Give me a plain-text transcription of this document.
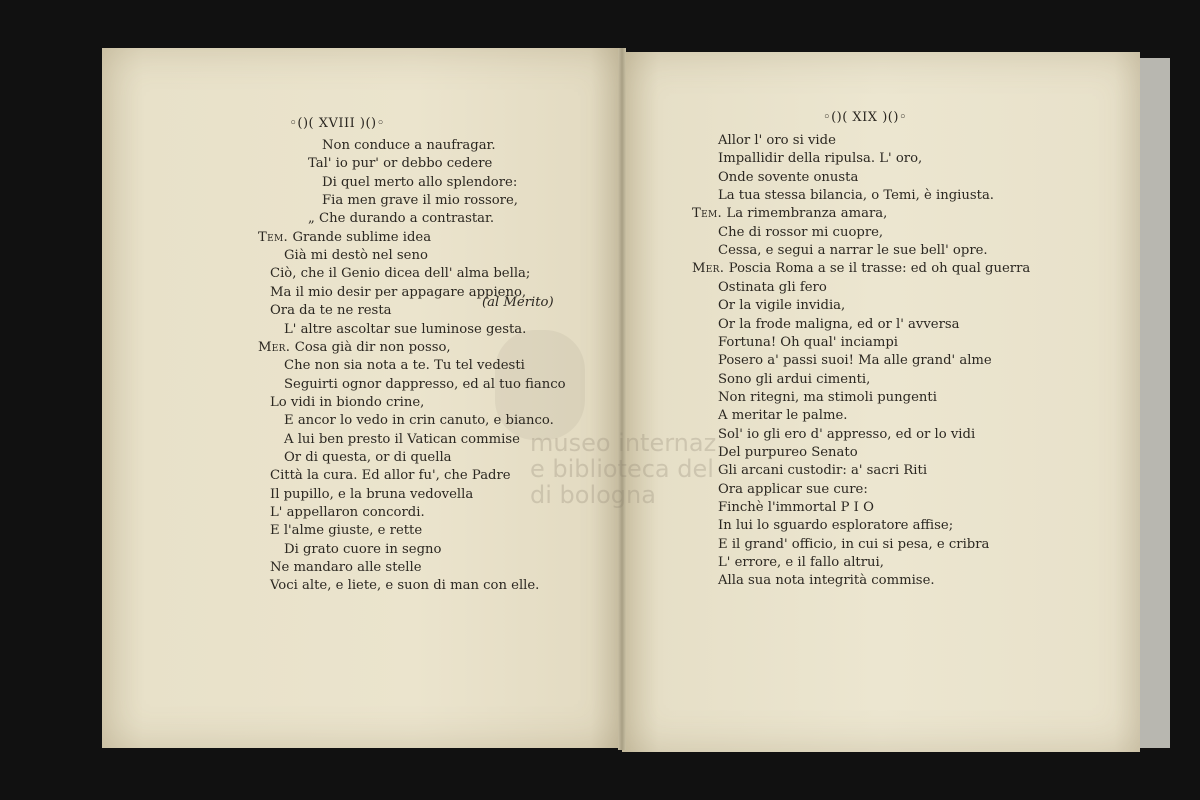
museo internaz
e biblioteca del
di bologna
◦()( XVIII )()◦	◦()( XIX )()◦
Non conduce a naufragar.
Tal' io pur' or debbo cedere
Di quel merto allo splendore:
Fia men grave il mio rossore,
„ Che durando a contrastar.
Tem. Grande sublime idea
Già mi destò nel seno
Ciò, che il Genio dicea dell' alma bella;
Ma il mio desir per appagare appieno,
Ora da te ne resta
L' altre ascoltar sue luminose gesta.
Mer. Cosa già dir non posso,
Che non sia nota a te. Tu tel vedesti
Seguirti ognor dappresso, ed al tuo fianco
Lo vidi in biondo crine,
E ancor lo vedo in crin canuto, e bianco.
A lui ben presto il Vatican commise
Or di questa, or di quella
Città la cura. Ed allor fu', che Padre
Il pupillo, e la bruna vedovella
L' appellaron concordi.
E l'alme giuste, e rette
Di grato cuore in segno
Ne mandaro alle stelle
Voci alte, e liete, e suon di man con elle.
Allor l' oro si vide
Impallidir della ripulsa. L' oro,
Onde sovente onusta
La tua stessa bilancia, o Temi, è ingiusta.
Tem. La rimembranza amara,
Che di rossor mi cuopre,
Cessa, e segui a narrar le sue bell' opre.
Mer. Poscia Roma a se il trasse: ed oh qual guerra
Ostinata gli fero
Or la vigile invidia,
Or la frode maligna, ed or l' avversa
Fortuna! Oh qual' inciampi
Posero a' passi suoi! Ma alle grand' alme
Sono gli ardui cimenti,
Non ritegni, ma stimoli pungenti
A meritar le palme.
Sol' io gli ero d' appresso, ed or lo vidi
Del purpureo Senato
Gli arcani custodir: a' sacri Riti
Ora applicar sue cure:
Finchè l'immortal P I O
In lui lo sguardo esploratore affise;
E il grand' officio, in cui si pesa, e cribra
L' errore, e il fallo altrui,
Alla sua nota integrità commise.
(al Merito)
